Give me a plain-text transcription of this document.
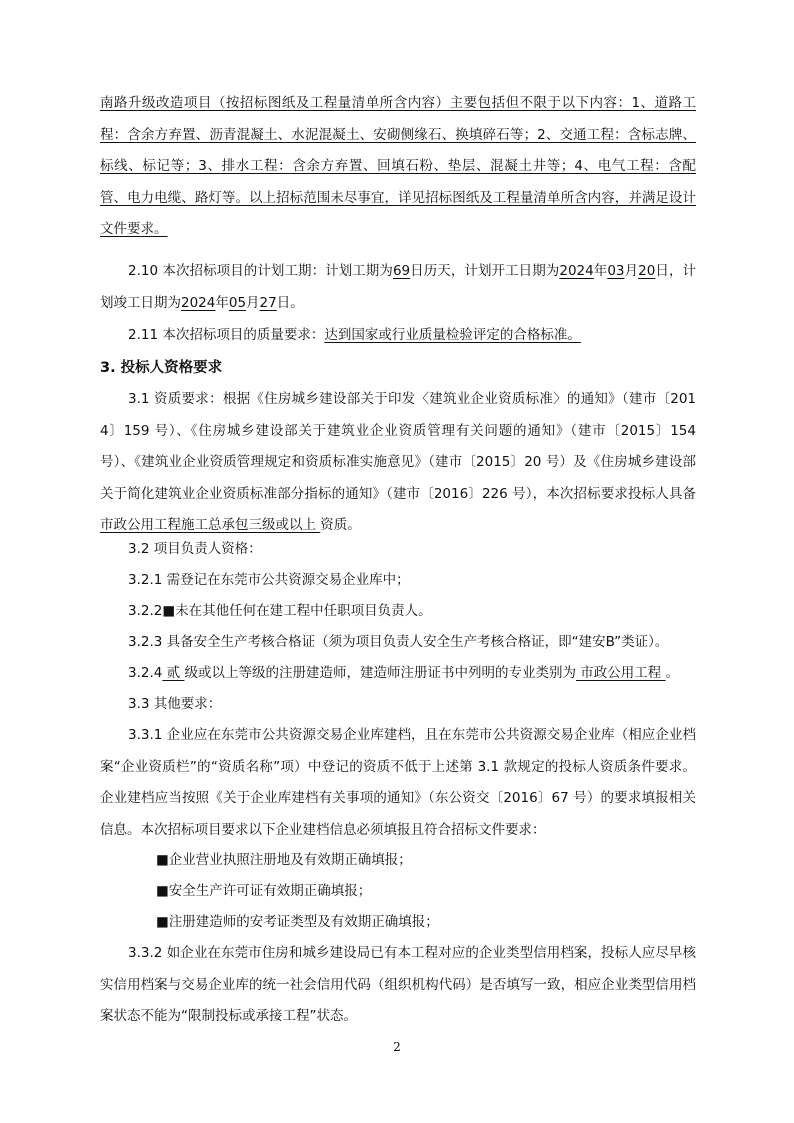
南路升级改造项目（按招标图纸及工程量清单所含内容）主要包括但不限于以下内容：1、道路工程：含余方弃置、沥青混凝土、水泥混凝土、安砌侧缘石、换填碎石等；2、交通工程：含标志牌、标线、标记等；3、排水工程：含余方弃置、回填石粉、垫层、混凝土井等；4、电气工程：含配管、电力电缆、路灯等。以上招标范围未尽事宜，详见招标图纸及工程量清单所含内容，并满足设计文件要求。
2.10 本次招标项目的计划工期：计划工期为69日历天，计划开工日期为2024年03月20日，计划竣工日期为2024年05月27日。
2.11 本次招标项目的质量要求：达到国家或行业质量检验评定的合格标准。
3. 投标人资格要求
3.1 资质要求：根据《住房城乡建设部关于印发〈建筑业企业资质标准〉的通知》（建市〔2014〕159 号）、《住房城乡建设部关于建筑业企业资质管理有关问题的通知》（建市〔2015〕154 号）、《建筑业企业资质管理规定和资质标准实施意见》（建市〔2015〕20 号）及《住房城乡建设部关于简化建筑业企业资质标准部分指标的通知》（建市〔2016〕226 号），本次招标要求投标人具备 市政公用工程施工总承包三级或以上 资质。
3.2 项目负责人资格：
3.2.1 需登记在东莞市公共资源交易企业库中；
3.2.2■未在其他任何在建工程中任职项目负责人。
3.2.3 具备安全生产考核合格证（须为项目负责人安全生产考核合格证，即“建安B”类证）。
3.2.4 贰 级或以上等级的注册建造师，建造师注册证书中列明的专业类别为 市政公用工程 。
3.3 其他要求：
3.3.1 企业应在东莞市公共资源交易企业库建档，且在东莞市公共资源交易企业库（相应企业档案“企业资质栏”的“资质名称”项）中登记的资质不低于上述第 3.1 款规定的投标人资质条件要求。企业建档应当按照《关于企业库建档有关事项的通知》（东公资交〔2016〕67 号）的要求填报相关信息。本次招标项目要求以下企业建档信息必须填报且符合招标文件要求：
■企业营业执照注册地及有效期正确填报；
■安全生产许可证有效期正确填报；
■注册建造师的安考证类型及有效期正确填报；
3.3.2 如企业在东莞市住房和城乡建设局已有本工程对应的企业类型信用档案，投标人应尽早核实信用档案与交易企业库的统一社会信用代码（组织机构代码）是否填写一致，相应企业类型信用档案状态不能为“限制投标或承接工程”状态。
2
